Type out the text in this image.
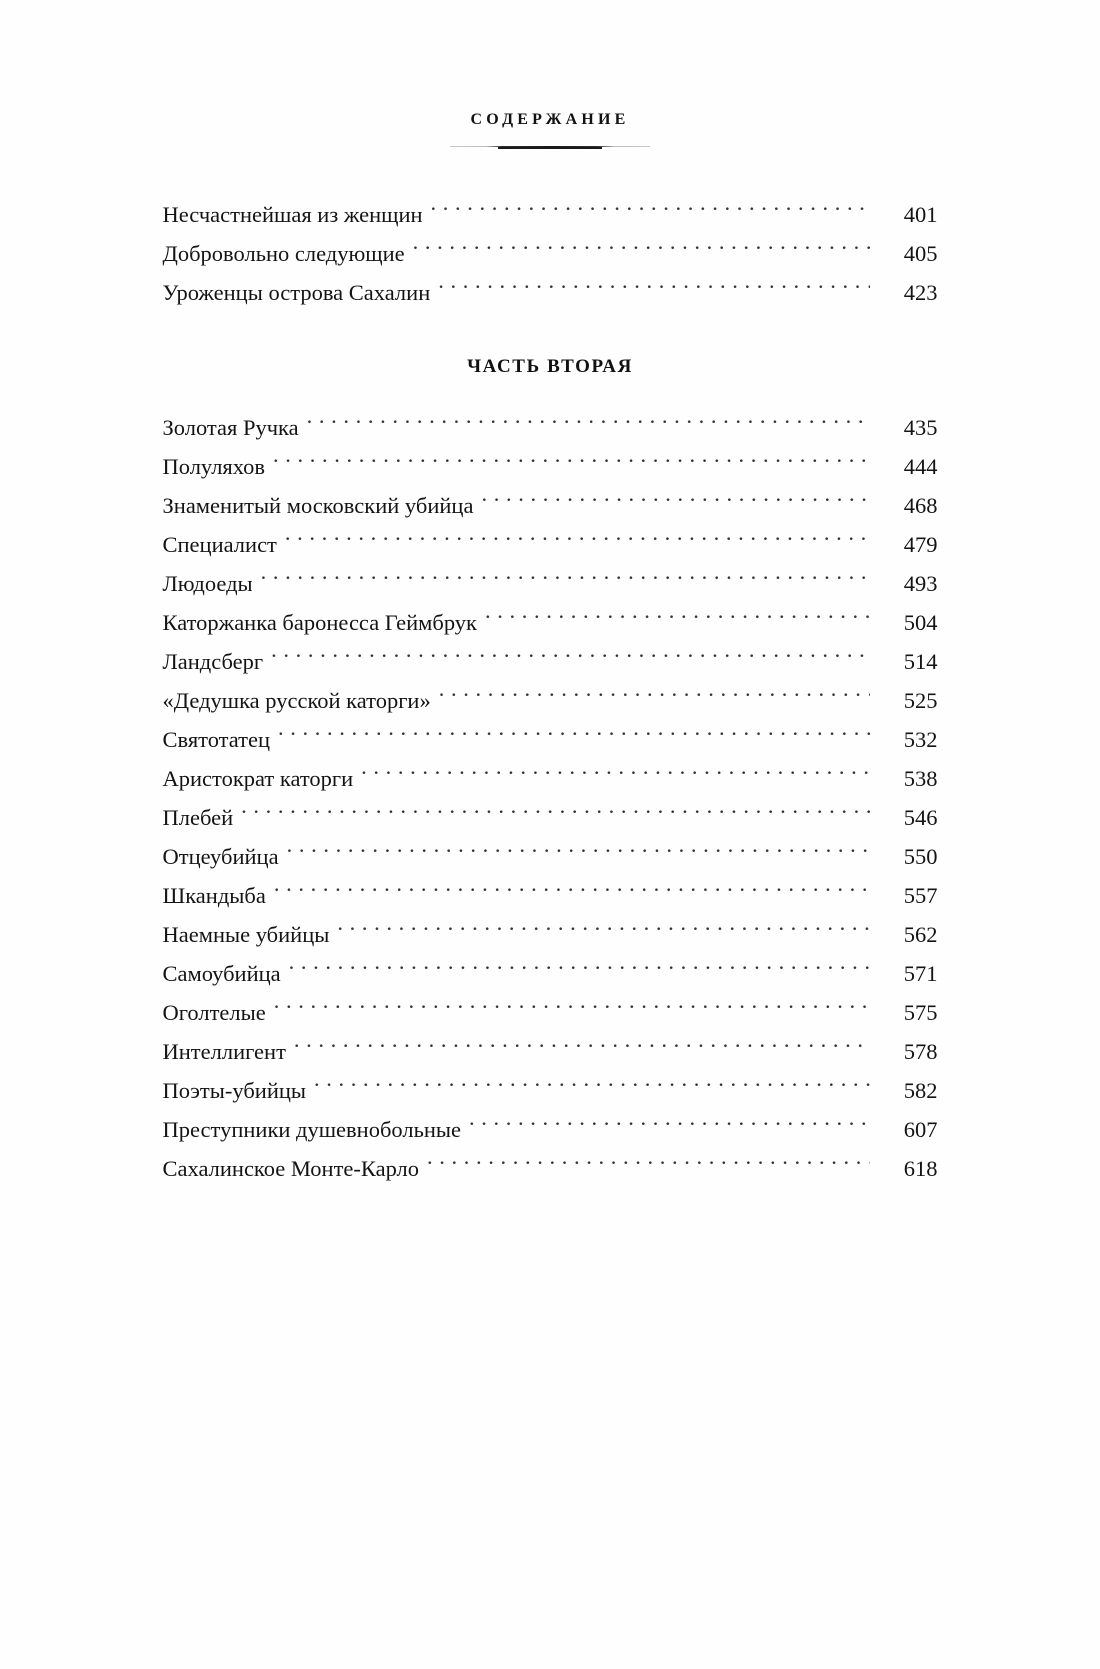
СОДЕРЖАНИЕ
Несчастнейшая из женщин . . .	401
Добровольно следующие . . .	405
Уроженцы острова Сахалин . . .	423
ЧАСТЬ ВТОРАЯ
Золотая Ручка . . .	435
Полуляхов . . .	444
Знаменитый московский убийца . . .	468
Специалист . . .	479
Людоеды . . .	493
Каторжанка баронесса Геймбрук . . .	504
Ландсберг . . .	514
«Дедушка русской каторги» . . .	525
Святотатец . . .	532
Аристократ каторги . . .	538
Плебей . . .	546
Отцеубийца . . .	550
Шкандыба . . .	557
Наемные убийцы . . .	562
Самоубийца . . .	571
Оголтелые . . .	575
Интеллигент . . .	578
Поэты-убийцы . . .	582
Преступники душевнобольные . . .	607
Сахалинское Монте-Карло . . .	618
